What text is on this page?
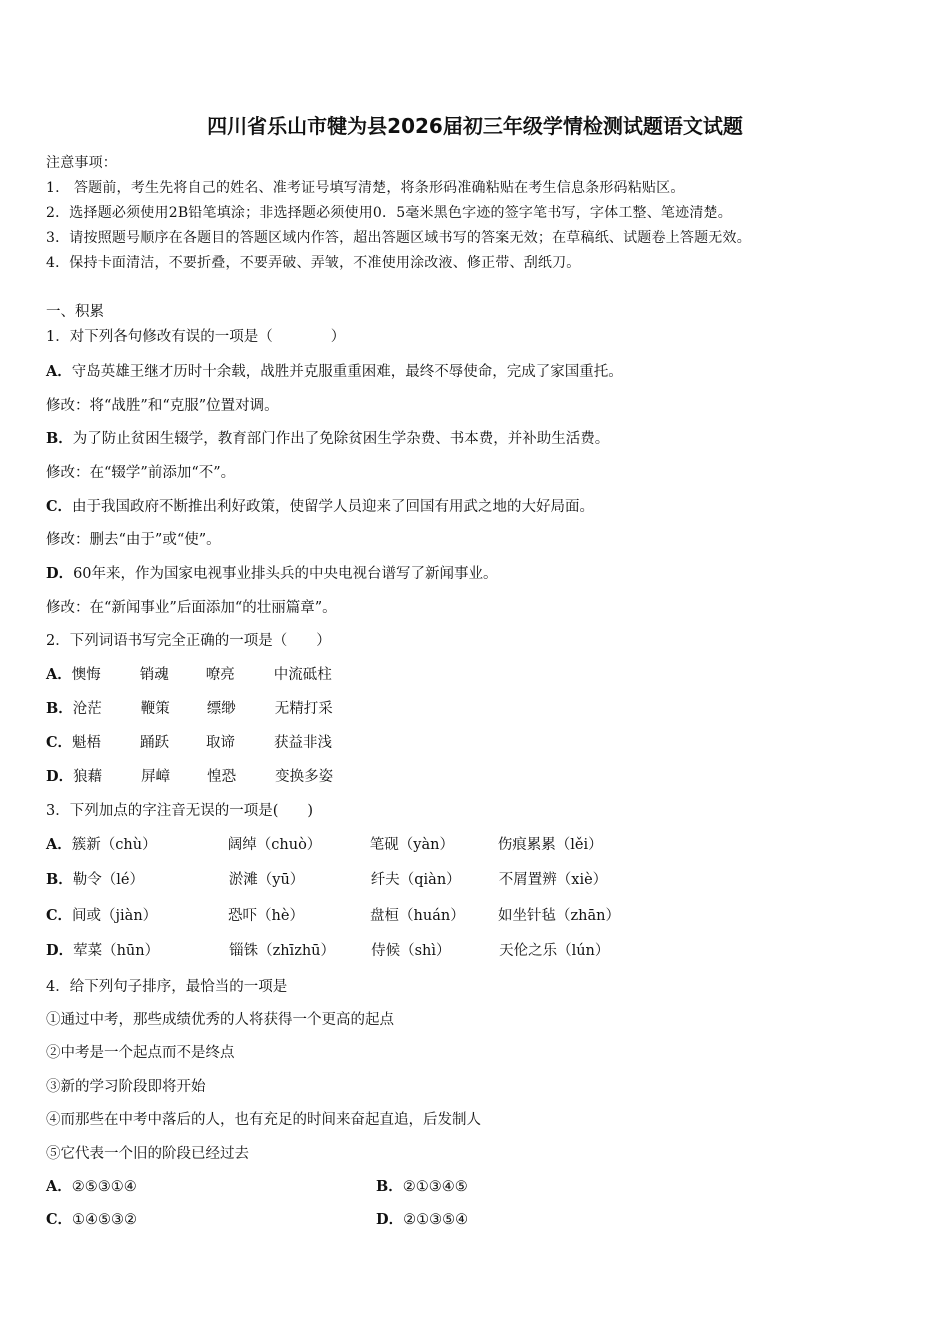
四川省乐山市犍为县2026届初三年级学情检测试题语文试题
注意事项：
1.　答题前，考生先将自己的姓名、准考证号填写清楚，将条形码准确粘贴在考生信息条形码粘贴区。
2．选择题必须使用2B铅笔填涂；非选择题必须使用0．5毫米黑色字迹的签字笔书写，字体工整、笔迹清楚。
3．请按照题号顺序在各题目的答题区域内作答，超出答题区域书写的答案无效；在草稿纸、试题卷上答题无效。
4．保持卡面清洁，不要折叠，不要弄破、弄皱，不准使用涂改液、修正带、刮纸刀。
一、积累
1．对下列各句修改有误的一项是（　　　　）
A．守岛英雄王继才历时十余载，战胜并克服重重困难，最终不辱使命，完成了家国重托。
修改：将“战胜”和“克服”位置对调。
B．为了防止贫困生辍学，教育部门作出了免除贫困生学杂费、书本费，并补助生活费。
修改：在“辍学”前添加“不”。
C．由于我国政府不断推出利好政策，使留学人员迎来了回国有用武之地的大好局面。
修改：删去“由于”或“使”。
D．60年来，作为国家电视事业排头兵的中央电视台谱写了新闻事业。
修改：在“新闻事业”后面添加“的壮丽篇章”。
2．下列词语书写完全正确的一项是（　　）
A．懊悔	销魂	嘹亮	中流砥柱
B．沧茫	鞭策	缥缈	无精打采
C．魁梧	踊跃	取谛	获益非浅
D．狼藉	屏嶂	惶恐	变换多姿
3．下列加点的字注音无误的一项是(　　)
A．簇新（chù）	阔绰（chuò）	笔砚（yàn）	伤痕累累（lěi）
B．勒令（lé）	淤滩（yū）	纤夫（qiàn）	不屑置辨（xiè）
C．间或（jiàn）	恐吓（hè）	盘桓（huán） 如坐针毡（zhān）
D．荤菜（hūn）	锱铢（zhīzhū） 侍候（shì）	天伦之乐（lún）
4．给下列句子排序，最恰当的一项是
①通过中考，那些成绩优秀的人将获得一个更高的起点
②中考是一个起点而不是终点
③新的学习阶段即将开始
④而那些在中考中落后的人，也有充足的时间来奋起直追，后发制人
⑤它代表一个旧的阶段已经过去
A．②⑤③①④	B．②①③④⑤
C．①④⑤③②	D．②①③⑤④
